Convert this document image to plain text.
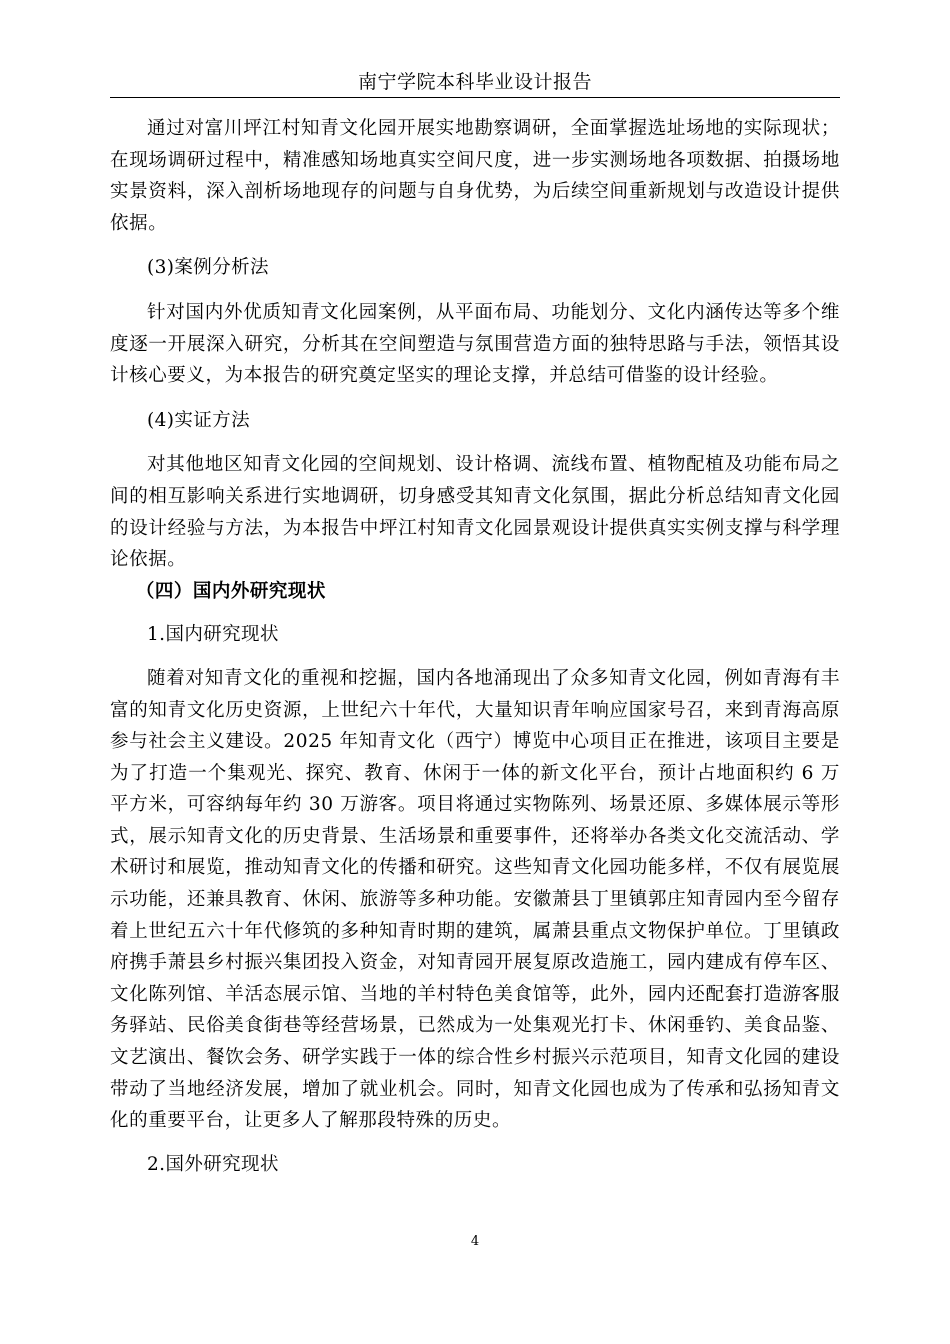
南宁学院本科毕业设计报告

通过对富川坪江村知青文化园开展实地勘察调研，全面掌握选址场地的实际现状；在现场调研过程中，精准感知场地真实空间尺度，进一步实测场地各项数据、拍摄场地实景资料，深入剖析场地现存的问题与自身优势，为后续空间重新规划与改造设计提供依据。

(3)案例分析法

针对国内外优质知青文化园案例，从平面布局、功能划分、文化内涵传达等多个维度逐一开展深入研究，分析其在空间塑造与氛围营造方面的独特思路与手法，领悟其设计核心要义，为本报告的研究奠定坚实的理论支撑，并总结可借鉴的设计经验。

(4)实证方法

对其他地区知青文化园的空间规划、设计格调、流线布置、植物配植及功能布局之间的相互影响关系进行实地调研，切身感受其知青文化氛围，据此分析总结知青文化园的设计经验与方法，为本报告中坪江村知青文化园景观设计提供真实实例支撑与科学理论依据。

（四）国内外研究现状

1.国内研究现状

随着对知青文化的重视和挖掘，国内各地涌现出了众多知青文化园，例如青海有丰富的知青文化历史资源，上世纪六十年代，大量知识青年响应国家号召，来到青海高原参与社会主义建设。2025 年知青文化（西宁）博览中心项目正在推进，该项目主要是为了打造一个集观光、探究、教育、休闲于一体的新文化平台，预计占地面积约 6 万平方米，可容纳每年约 30 万游客。项目将通过实物陈列、场景还原、多媒体展示等形式，展示知青文化的历史背景、生活场景和重要事件，还将举办各类文化交流活动、学术研讨和展览，推动知青文化的传播和研究。这些知青文化园功能多样，不仅有展览展示功能，还兼具教育、休闲、旅游等多种功能。安徽萧县丁里镇郭庄知青园内至今留存着上世纪五六十年代修筑的多种知青时期的建筑，属萧县重点文物保护单位。丁里镇政府携手萧县乡村振兴集团投入资金，对知青园开展复原改造施工，园内建成有停车区、文化陈列馆、羊活态展示馆、当地的羊村特色美食馆等，此外，园内还配套打造游客服务驿站、民俗美食街巷等经营场景，已然成为一处集观光打卡、休闲垂钓、美食品鉴、文艺演出、餐饮会务、研学实践于一体的综合性乡村振兴示范项目，知青文化园的建设带动了当地经济发展，增加了就业机会。同时，知青文化园也成为了传承和弘扬知青文化的重要平台，让更多人了解那段特殊的历史。

2.国外研究现状

4
